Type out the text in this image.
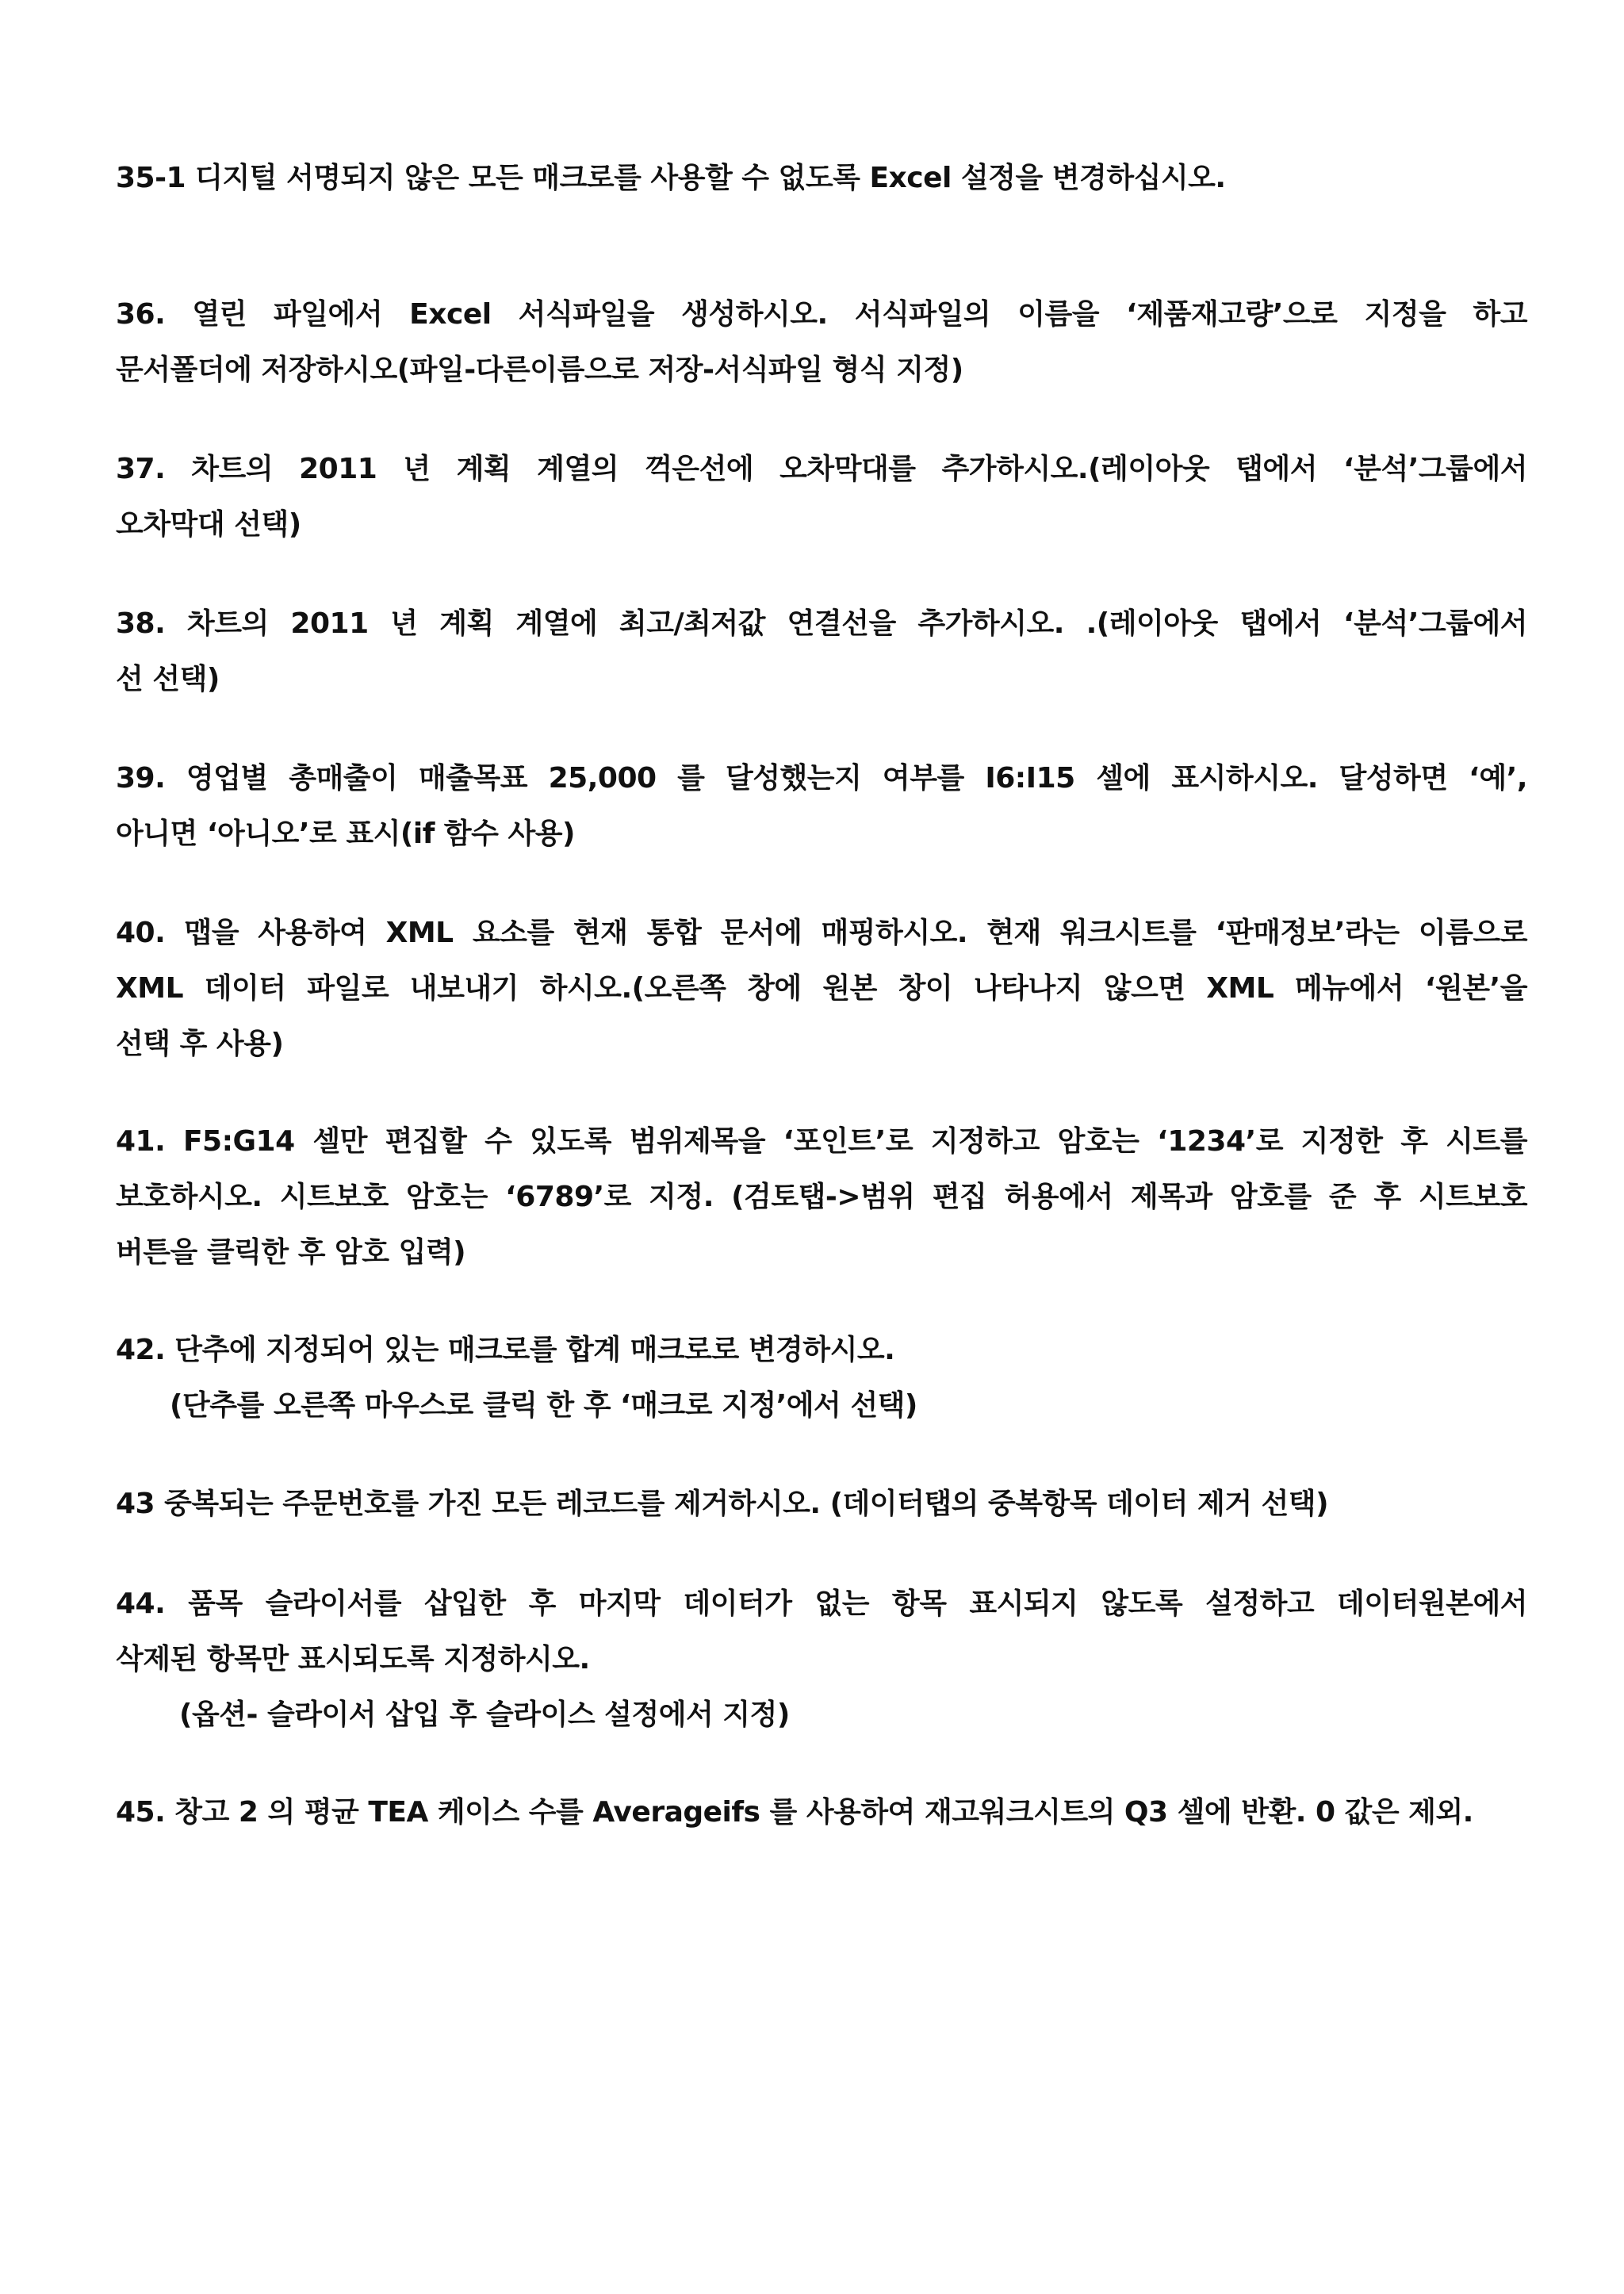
35-1 디지털 서명되지 않은 모든 매크로를 사용할 수 없도록 Excel 설정을 변경하십시오.
36. 열린 파일에서 Excel 서식파일을 생성하시오. 서식파일의 이름을 ‘제품재고량’으로 지정을 하고
문서폴더에 저장하시오(파일-다른이름으로 저장-서식파일 형식 지정)
37. 차트의 2011 년 계획 계열의 꺽은선에 오차막대를 추가하시오.(레이아웃 탭에서 ‘분석’그룹에서
오차막대 선택)
38. 차트의 2011 년 계획 계열에 최고/최저값 연결선을 추가하시오. .(레이아웃 탭에서 ‘분석’그룹에서
선 선택)
39. 영업별 총매출이 매출목표 25,000 를 달성했는지 여부를 I6:I15 셀에 표시하시오. 달성하면 ‘예’,
아니면 ‘아니오’로 표시(if 함수 사용)
40. 맵을 사용하여 XML 요소를 현재 통합 문서에 매핑하시오. 현재 워크시트를 ‘판매정보’라는 이름으로
XML 데이터 파일로 내보내기 하시오.(오른쪽 창에 원본 창이 나타나지 않으면 XML 메뉴에서 ‘원본’을
선택 후 사용)
41. F5:G14 셀만 편집할 수 있도록 범위제목을 ‘포인트’로 지정하고 암호는 ‘1234’로 지정한 후 시트를
보호하시오. 시트보호 암호는 ‘6789’로 지정. (검토탭->범위 편집 허용에서 제목과 암호를 준 후 시트보호
버튼을 클릭한 후 암호 입력)
42. 단추에 지정되어 있는 매크로를 합계 매크로로 변경하시오.
(단추를 오른쪽 마우스로 클릭 한 후 ‘매크로 지정’에서 선택)
43 중복되는 주문번호를 가진 모든 레코드를 제거하시오. (데이터탭의 중복항목 데이터 제거 선택)
44. 품목 슬라이서를 삽입한 후 마지막 데이터가 없는 항목 표시되지 않도록 설정하고 데이터원본에서
삭제된 항목만 표시되도록 지정하시오.
(옵션- 슬라이서 삽입 후 슬라이스 설정에서 지정)
45. 창고 2 의 평균 TEA 케이스 수를 Averageifs 를 사용하여 재고워크시트의 Q3 셀에 반환. 0 값은 제외.
